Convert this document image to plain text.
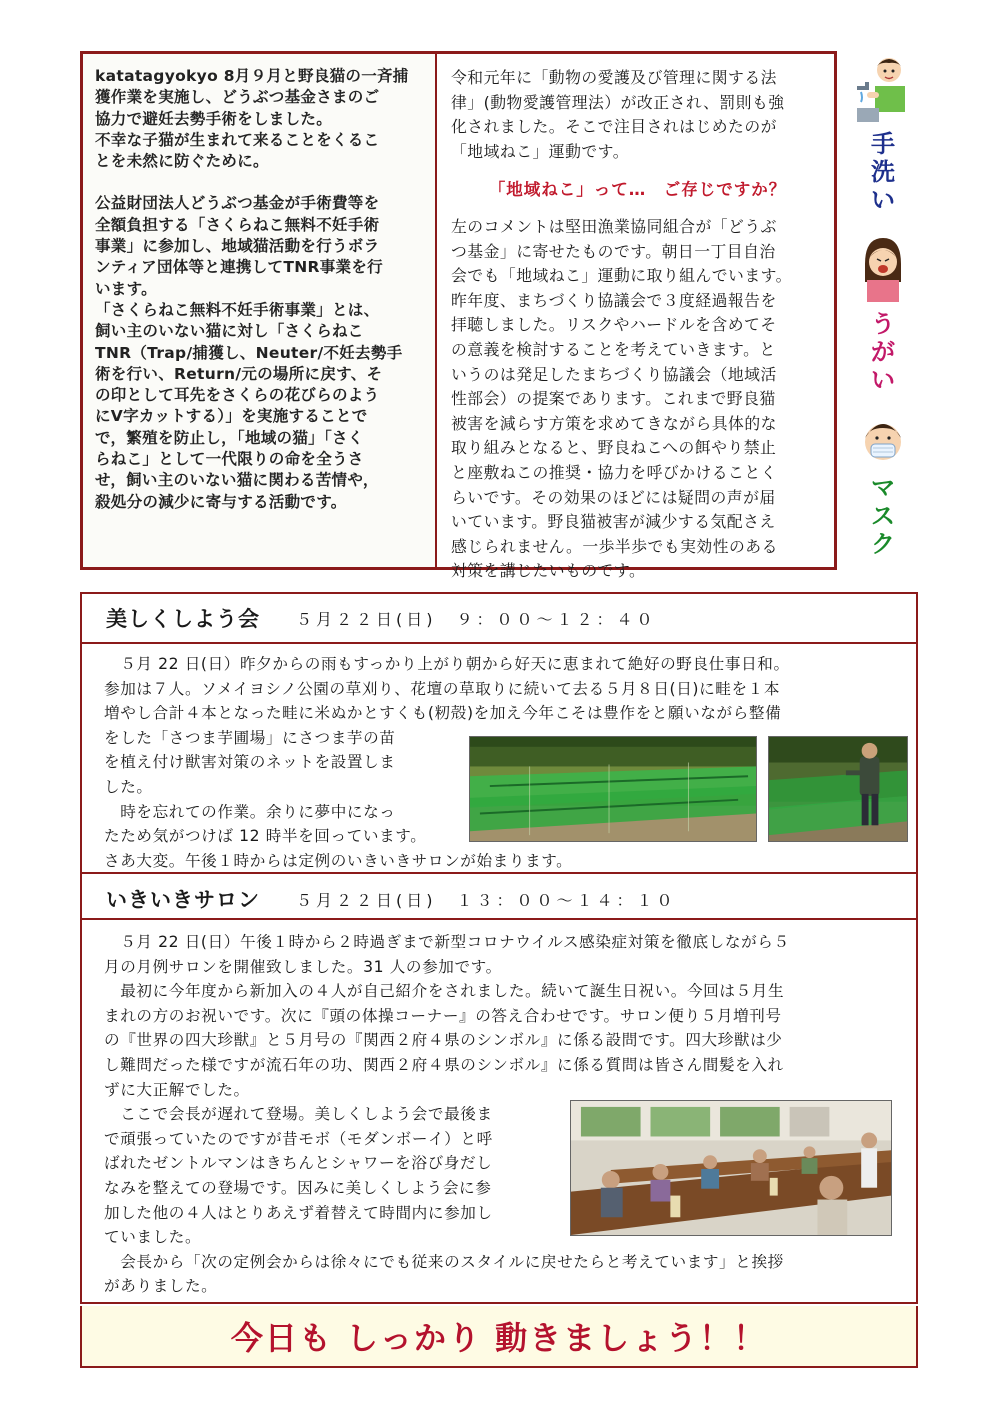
katatagyokyo 8月９月と野良猫の一斉捕
獲作業を実施し、どうぶつ基金さまのご
協力で避妊去勢手術をしました。
不幸な子猫が生まれて来ることをくるこ
とを未然に防ぐために。

公益財団法人どうぶつ基金が手術費等を
全額負担する「さくらねこ無料不妊手術
事業」に参加し、地域猫活動を行うボラ
ンティア団体等と連携してTNR事業を行
います。
「さくらねこ無料不妊手術事業」とは、
飼い主のいない猫に対し「さくらねこ
TNR（Trap/捕獲し、Neuter/不妊去勢手
術を行い、Return/元の場所に戻す、そ
の印として耳先をさくらの花びらのよう
にV字カットする）」を実施することで
で，繁殖を防止し，「地域の猫」「さく
らねこ」として一代限りの命を全うさ
せ，飼い主のいない猫に関わる苦情や，
殺処分の減少に寄与する活動です。

令和元年に「動物の愛護及び管理に関する法
律」(動物愛護管理法）が改正され、罰則も強
化されました。そこで注目されはじめたのが
「地域ねこ」運動です。

「地域ねこ」って…　ご存じですか？

左のコメントは堅田漁業協同組合が「どうぶ
つ基金」に寄せたものです。朝日一丁目自治
会でも「地域ねこ」運動に取り組んでいます。
昨年度、まちづくり協議会で３度経過報告を
拝聴しました。リスクやハードルを含めてそ
の意義を検討することを考えていきます。と
いうのは発足したまちづくり協議会（地域活
性部会）の提案であります。これまで野良猫
被害を減らす方策を求めてきながら具体的な
取り組みとなると、野良ねこへの餌やり禁止
と座敷ねこの推奨・協力を呼びかけることく
らいです。その効果のほどには疑問の声が届
いています。野良猫被害が減少する気配さえ
感じられません。一歩半歩でも実効性のある
対策を講じたいものです。

手
洗
い
う
が
い
マ
ス
ク
美しくしよう会 ５月２２日(日)　９：００～１２：４０

　５月 22 日(日）昨夕からの雨もすっかり上がり朝から好天に恵まれて絶好の野良仕事日和。
参加は７人。ソメイヨシノ公園の草刈り、花壇の草取りに続いて去る５月８日(日)に畦を１本
増やし合計４本となった畦に米ぬかとすくも(籾殻)を加え今年こそは豊作をと願いながら整備

をした「さつま芋圃場」にさつま芋の苗
を植え付け獣害対策のネットを設置しま
した。
　時を忘れての作業。余りに夢中になっ
たため気がつけば 12 時半を回っています。

さあ大変。午後１時からは定例のいきいきサロンが始まります。

いきいきサロン ５月２２日(日)　１３：００～１４：１０

　５月 22 日(日）午後１時から２時過ぎまで新型コロナウイルス感染症対策を徹底しながら５
月の月例サロンを開催致しました。31 人の参加です。
　最初に今年度から新加入の４人が自己紹介をされました。続いて誕生日祝い。今回は５月生
まれの方のお祝いです。次に『頭の体操コーナー』の答え合わせです。サロン便り５月増刊号
の『世界の四大珍獣』と５月号の『関西２府４県のシンボル』に係る設問です。四大珍獣は少
し難問だった様ですが流石年の功、関西２府４県のシンボル』に係る質問は皆さん間髪を入れ
ずに大正解でした。

　ここで会長が遅れて登場。美しくしよう会で最後ま
で頑張っていたのですが昔モボ（モダンボーイ）と呼
ばれたゼントルマンはきちんとシャワーを浴び身だし
なみを整えての登場です。因みに美しくしよう会に参
加した他の４人はとりあえず着替えて時間内に参加し
ていました。

　会長から「次の定例会からは徐々にでも従来のスタイルに戻せたらと考えています」と挨拶
がありました。

今日も しっかり 動きましょう！！
